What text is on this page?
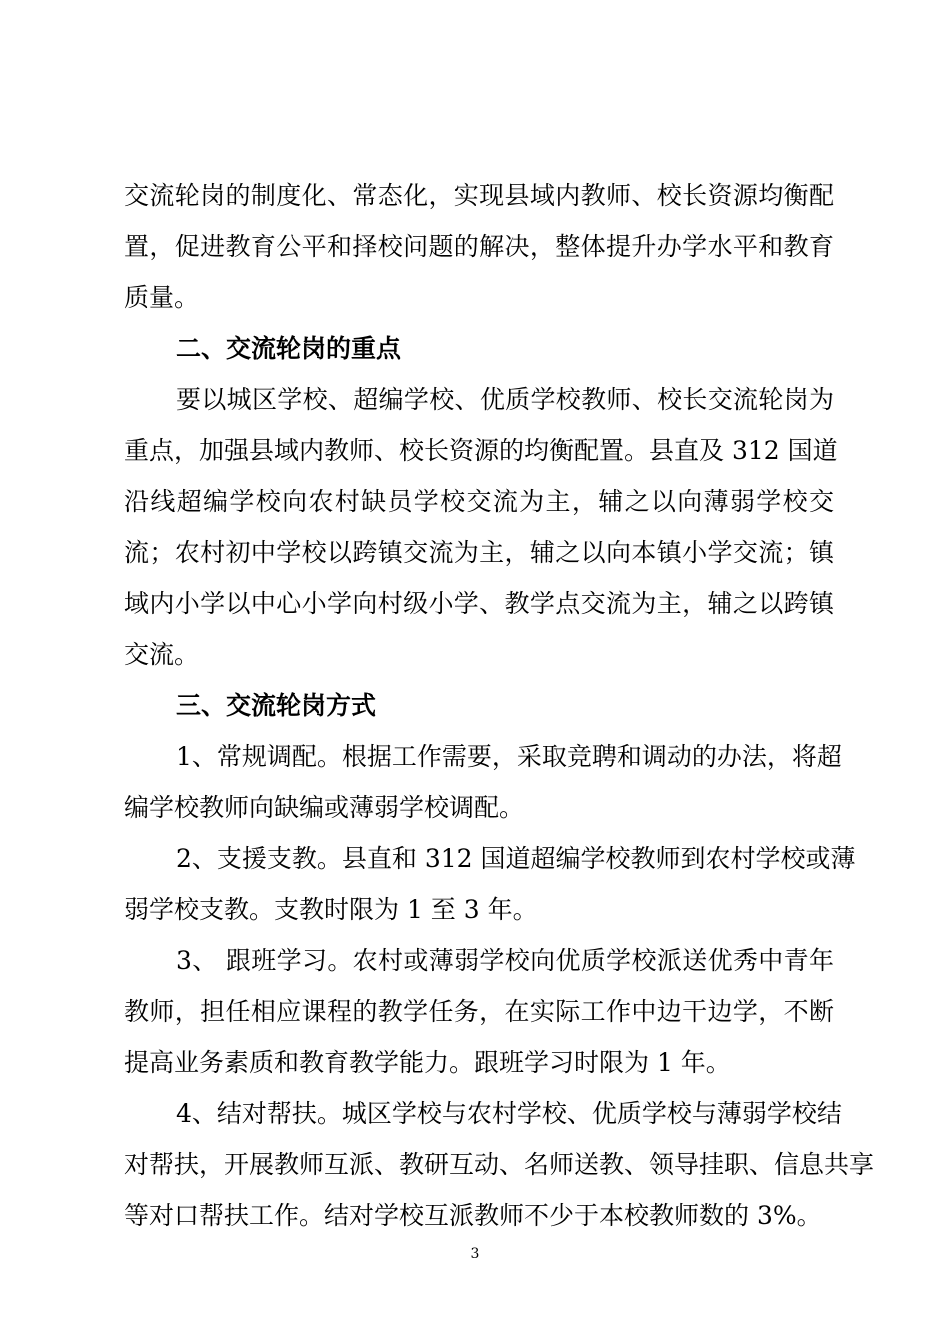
交流轮岗的制度化、常态化，实现县域内教师、校长资源均衡配
置，促进教育公平和择校问题的解决，整体提升办学水平和教育
质量。
二、交流轮岗的重点
要以城区学校、超编学校、优质学校教师、校长交流轮岗为
重点，加强县域内教师、校长资源的均衡配置。县直及 312 国道
沿线超编学校向农村缺员学校交流为主，辅之以向薄弱学校交
流；农村初中学校以跨镇交流为主，辅之以向本镇小学交流；镇
域内小学以中心小学向村级小学、教学点交流为主，辅之以跨镇
交流。
三、交流轮岗方式
1、常规调配。根据工作需要，采取竞聘和调动的办法，将超
编学校教师向缺编或薄弱学校调配。
2、支援支教。县直和 312 国道超编学校教师到农村学校或薄
弱学校支教。支教时限为 1 至 3 年。
3、 跟班学习。农村或薄弱学校向优质学校派送优秀中青年
教师，担任相应课程的教学任务，在实际工作中边干边学，不断
提高业务素质和教育教学能力。跟班学习时限为 1 年。
4、结对帮扶。城区学校与农村学校、优质学校与薄弱学校结
对帮扶，开展教师互派、教研互动、名师送教、领导挂职、信息共享
等对口帮扶工作。结对学校互派教师不少于本校教师数的 3%。
3
